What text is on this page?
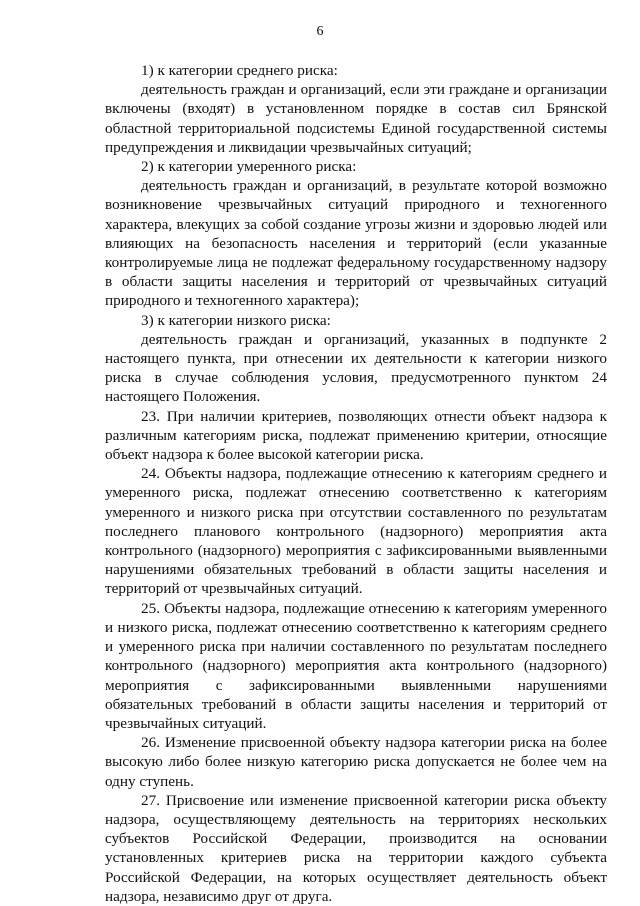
6

1) к категории среднего риска:

деятельность граждан и организаций, если эти граждане и организации включены (входят) в установленном порядке в состав сил Брянской областной территориальной подсистемы Единой государственной системы предупреждения и ликвидации чрезвычайных ситуаций;

2) к категории умеренного риска:

деятельность граждан и организаций, в результате которой возможно возникновение чрезвычайных ситуаций природного и техногенного характера, влекущих за собой создание угрозы жизни и здоровью людей или влияющих на безопасность населения и территорий (если указанные контролируемые лица не подлежат федеральному государственному надзору в области защиты населения и территорий от чрезвычайных ситуаций природного и техногенного характера);

3) к категории низкого риска:

деятельность граждан и организаций, указанных в подпункте 2 настоящего пункта, при отнесении их деятельности к категории низкого риска в случае соблюдения условия, предусмотренного пунктом 24 настоящего Положения.

23. При наличии критериев, позволяющих отнести объект надзора к различным категориям риска, подлежат применению критерии, относящие объект надзора к более высокой категории риска.

24. Объекты надзора, подлежащие отнесению к категориям среднего и умеренного риска, подлежат отнесению соответственно к категориям умеренного и низкого риска при отсутствии составленного по результатам последнего планового контрольного (надзорного) мероприятия акта контрольного (надзорного) мероприятия с зафиксированными выявленными нарушениями обязательных требований в области защиты населения и территорий от чрезвычайных ситуаций.

25. Объекты надзора, подлежащие отнесению к категориям умеренного и низкого риска, подлежат отнесению соответственно к категориям среднего и умеренного риска при наличии составленного по результатам последнего контрольного (надзорного) мероприятия акта контрольного (надзорного) мероприятия с зафиксированными выявленными нарушениями обязательных требований в области защиты населения и территорий от чрезвычайных ситуаций.

26. Изменение присвоенной объекту надзора категории риска на более высокую либо более низкую категорию риска допускается не более чем на одну ступень.

27. Присвоение или изменение присвоенной категории риска объекту надзора, осуществляющему деятельность на территориях нескольких субъектов Российской Федерации, производится на основании установленных критериев риска на территории каждого субъекта Российской Федерации, на которых осуществляет деятельность объект надзора, независимо друг от друга.
